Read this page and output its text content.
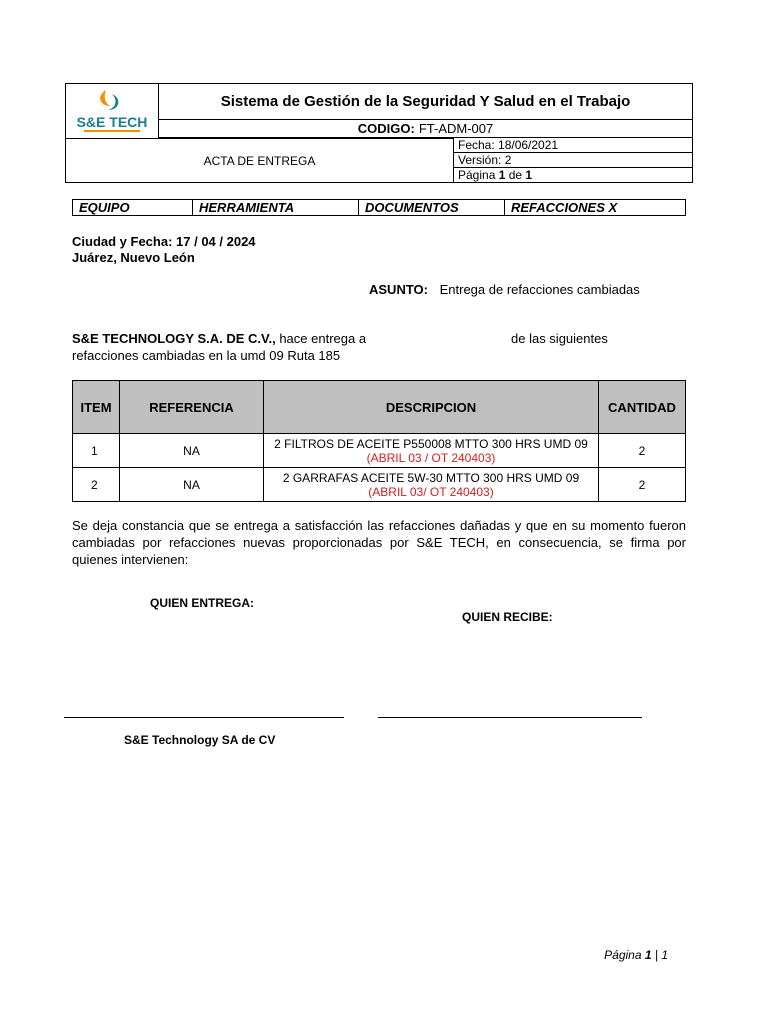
S&E TECH
Sistema de Gestión de la Seguridad Y Salud en el Trabajo
CODIGO: FT-ADM-007
ACTA DE ENTREGA
Fecha: 18/06/2021
Versión: 2
Página 1 de 1
EQUIPO	HERRAMIENTA	DOCUMENTOS	REFACCIONES X
Ciudad y Fecha: 17 / 04 / 2024
Juárez, Nuevo León
ASUNTO: Entrega de refacciones cambiadas
S&E TECHNOLOGY S.A. DE C.V., hace entrega a	de las siguientes
refacciones cambiadas en la umd 09 Ruta 185
ITEM	REFERENCIA	DESCRIPCION	CANTIDAD
1	NA	2 FILTROS DE ACEITE P550008 MTTO 300 HRS UMD 09
(ABRIL 03 / OT 240403)	2
2	NA	2 GARRAFAS ACEITE 5W-30 MTTO 300 HRS UMD 09
(ABRIL 03/ OT 240403)	2
Se deja constancia que se entrega a satisfacción las refacciones dañadas y que en su momento fueron cambiadas por refacciones nuevas proporcionadas por S&E TECH, en consecuencia, se firma por quienes intervienen:
QUIEN ENTREGA:
QUIEN RECIBE:
S&E Technology SA de CV
Página 1 | 1
